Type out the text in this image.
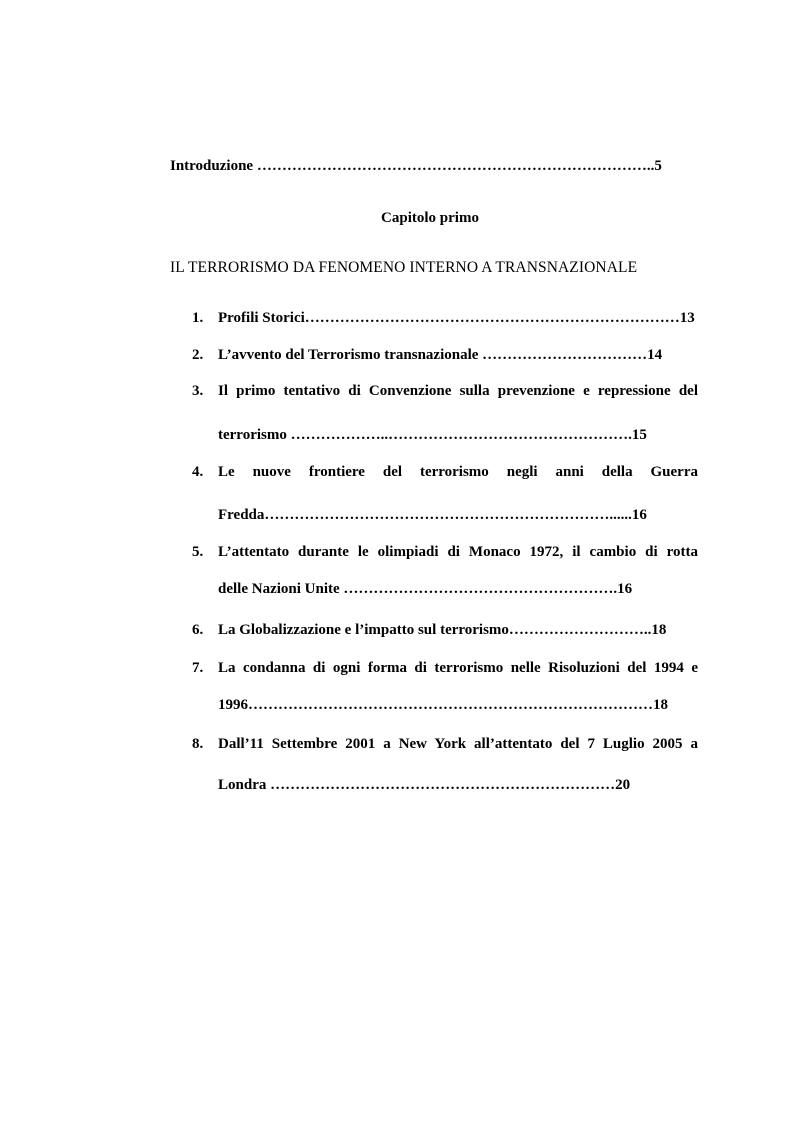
Introduzione ……………………………………………………………………..5
Capitolo primo
IL TERRORISMO DA FENOMENO INTERNO A TRANSNAZIONALE
1. Profili Storici…………………………………………………………………13
2. L’avvento del Terrorismo transnazionale ……………………………14
3. Il primo tentativo di Convenzione sulla prevenzione e repressione del
terrorismo ………………..………………………………………….15
4. Le nuove frontiere del terrorismo negli anni della Guerra
Fredda……………………………………………………………......16
5. L’attentato durante le olimpiadi di Monaco 1972, il cambio di rotta
delle Nazioni Unite ……………………………………………….16
6. La Globalizzazione e l’impatto sul terrorismo………………………..18
7. La condanna di ogni forma di terrorismo nelle Risoluzioni del 1994 e
1996………………………………………………………………………18
8. Dall’11 Settembre 2001 a New York all’attentato del 7 Luglio 2005 a
Londra ……………………………………………………………20
